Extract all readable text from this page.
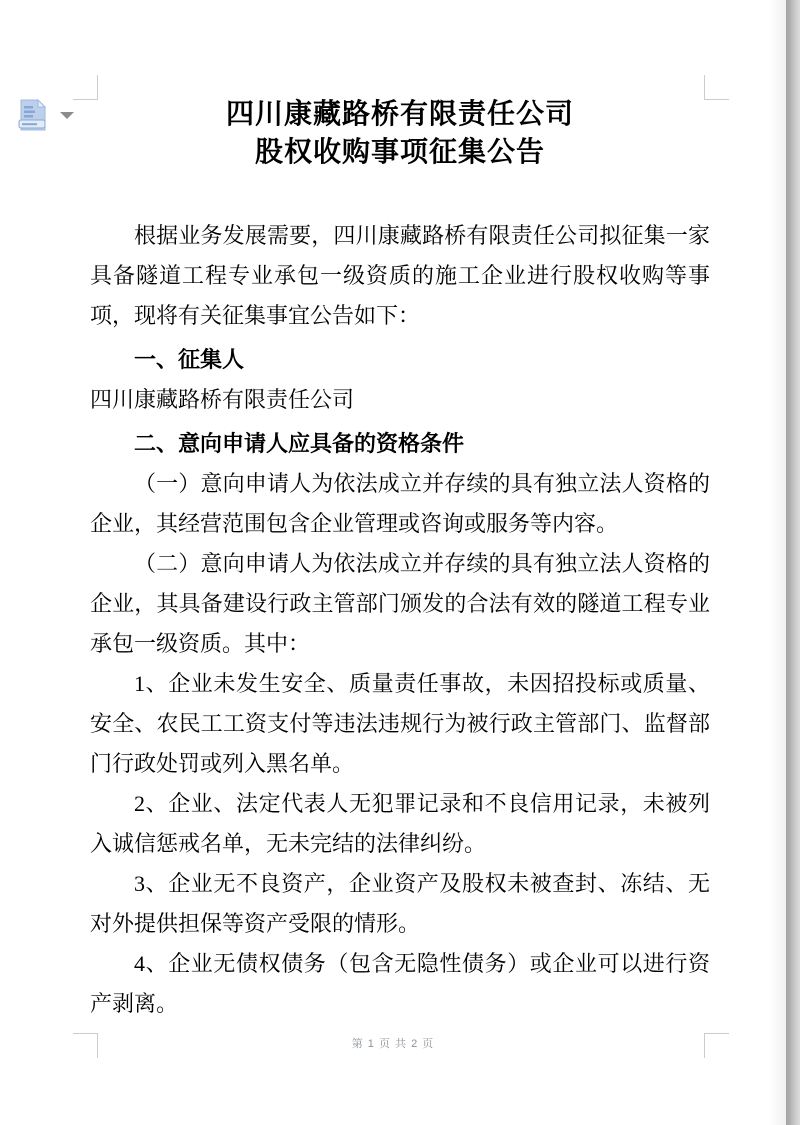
四川康藏路桥有限责任公司
股权收购事项征集公告

根据业务发展需要，四川康藏路桥有限责任公司拟征集一家具备隧道工程专业承包一级资质的施工企业进行股权收购等事项，现将有关征集事宜公告如下：

一、征集人

四川康藏路桥有限责任公司

二、意向申请人应具备的资格条件

（一）意向申请人为依法成立并存续的具有独立法人资格的企业，其经营范围包含企业管理或咨询或服务等内容。

（二）意向申请人为依法成立并存续的具有独立法人资格的企业，其具备建设行政主管部门颁发的合法有效的隧道工程专业承包一级资质。其中：

1、企业未发生安全、质量责任事故，未因招投标或质量、安全、农民工工资支付等违法违规行为被行政主管部门、监督部门行政处罚或列入黑名单。

2、企业、法定代表人无犯罪记录和不良信用记录，未被列入诚信惩戒名单，无未完结的法律纠纷。

3、企业无不良资产，企业资产及股权未被查封、冻结、无对外提供担保等资产受限的情形。

4、企业无债权债务（包含无隐性债务）或企业可以进行资产剥离。

第 1 页 共 2 页
